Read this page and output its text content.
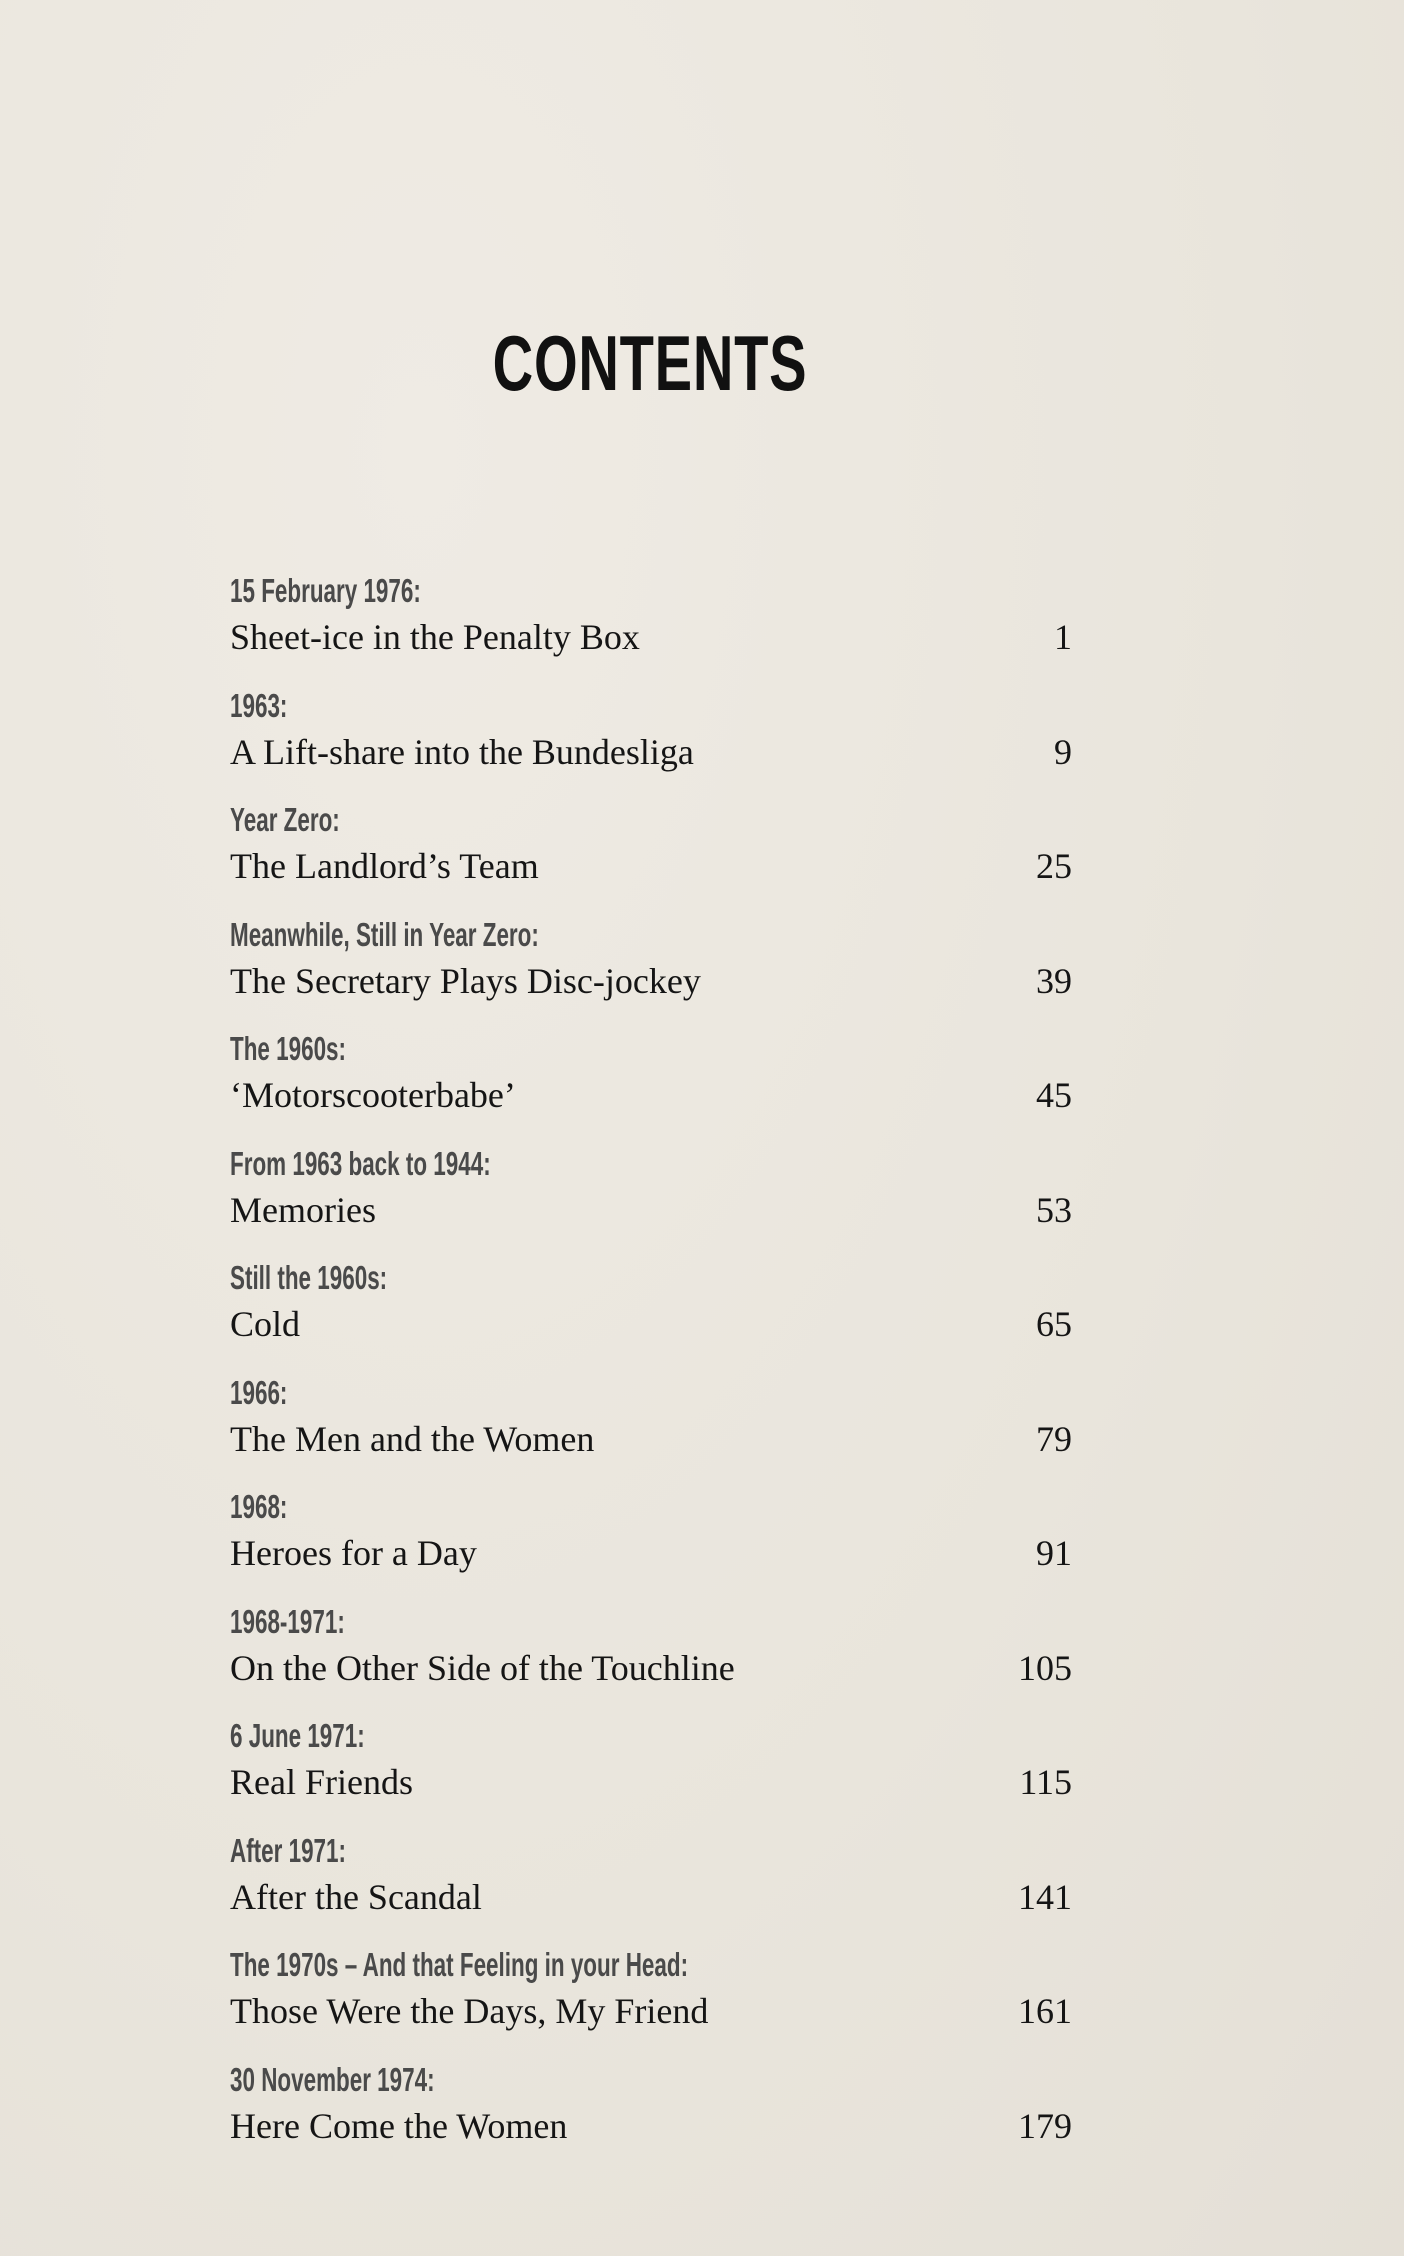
CONTENTS
15 February 1976:
Sheet-ice in the Penalty Box	1
1963:
A Lift-share into the Bundesliga	9
Year Zero:
The Landlord’s Team	25
Meanwhile, Still in Year Zero:
The Secretary Plays Disc-jockey	39
The 1960s:
‘Motorscooterbabe’	45
From 1963 back to 1944:
Memories	53
Still the 1960s:
Cold	65
1966:
The Men and the Women	79
1968:
Heroes for a Day	91
1968-1971:
On the Other Side of the Touchline	105
6 June 1971:
Real Friends	115
After 1971:
After the Scandal	141
The 1970s – And that Feeling in your Head:
Those Were the Days, My Friend	161
30 November 1974:
Here Come the Women	179
